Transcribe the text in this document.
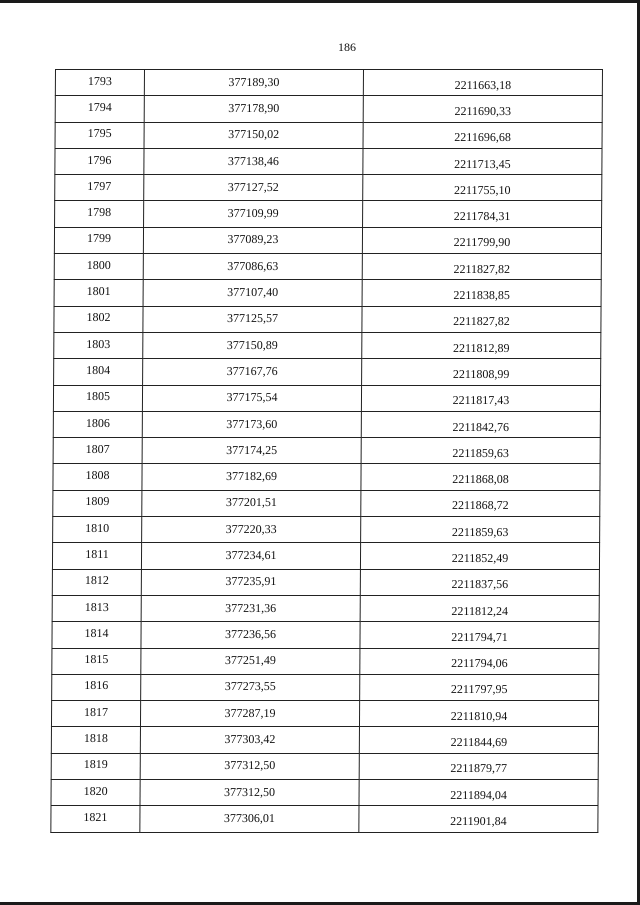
186
1793	377189,30	2211663,18
1794	377178,90	2211690,33
1795	377150,02	2211696,68
1796	377138,46	2211713,45
1797	377127,52	2211755,10
1798	377109,99	2211784,31
1799	377089,23	2211799,90
1800	377086,63	2211827,82
1801	377107,40	2211838,85
1802	377125,57	2211827,82
1803	377150,89	2211812,89
1804	377167,76	2211808,99
1805	377175,54	2211817,43
1806	377173,60	2211842,76
1807	377174,25	2211859,63
1808	377182,69	2211868,08
1809	377201,51	2211868,72
1810	377220,33	2211859,63
1811	377234,61	2211852,49
1812	377235,91	2211837,56
1813	377231,36	2211812,24
1814	377236,56	2211794,71
1815	377251,49	2211794,06
1816	377273,55	2211797,95
1817	377287,19	2211810,94
1818	377303,42	2211844,69
1819	377312,50	2211879,77
1820	377312,50	2211894,04
1821	377306,01	2211901,84
